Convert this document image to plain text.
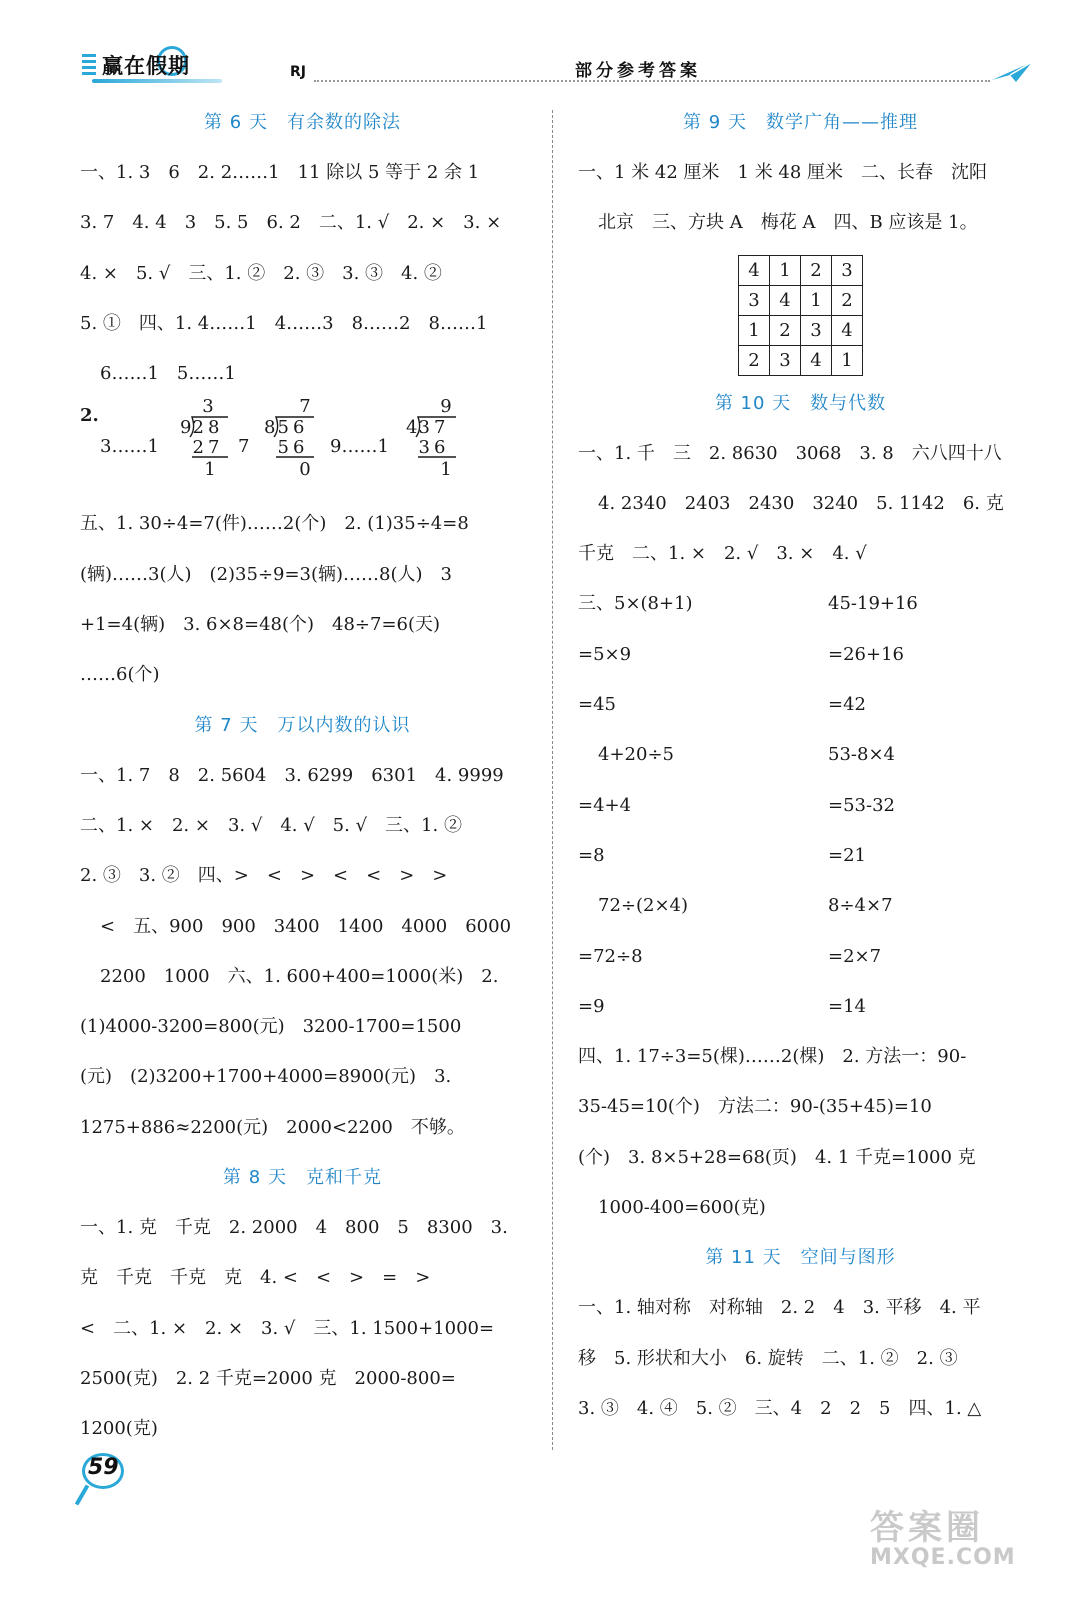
赢在假期	RJ	部分参考答案
第 6 天　有余数的除法
一、1. 3　6　2. 2……1　11 除以 5 等于 2 余 1
3. 7　4. 4　3　5. 5　6. 2　二、1. √　2. ×　3. ×
4. ×　5. √　三、1. ②　2. ③　3. ③　4. ②
5. ①　四、1. 4……1　4……3　8……2　8……1
6……1　5……1
2.
3……1
3
9 28
27
1
7
7
8 56
56
0
9……1
9
4 37
36
1
五、1. 30÷4=7(件)……2(个)　2. (1)35÷4=8
(辆)……3(人)　(2)35÷9=3(辆)……8(人)　3
+1=4(辆)　3. 6×8=48(个)　48÷7=6(天)
……6(个)
第 7 天　万以内数的认识
一、1. 7　8　2. 5604　3. 6299　6301　4. 9999
二、1. ×　2. ×　3. √　4. √　5. √　三、1. ②
2. ③　3. ②　四、>　<　>　<　<　>　>
<　五、900　900　3400　1400　4000　6000
2200　1000　六、1. 600+400=1000(米)　2.
(1)4000-3200=800(元)　3200-1700=1500
(元)　(2)3200+1700+4000=8900(元)　3.
1275+886≈2200(元)　2000<2200　不够。
第 8 天　克和千克
一、1. 克　千克　2. 2000　4　800　5　8300　3.
克　千克　千克　克　4. <　<　>　=　>
<　二、1. ×　2. ×　3. √　三、1. 1500+1000=
2500(克)　2. 2 千克=2000 克　2000-800=
1200(克)
第 9 天　数学广角——推理
一、1 米 42 厘米　1 米 48 厘米　二、长春　沈阳
北京　三、方块 A　梅花 A　四、B 应该是 1。
4	1	2	3
3	4	1	2
1	2	3	4
2	3	4	1
第 10 天　数与代数
一、1. 千　三　2. 8630　3068　3. 8　六八四十八
4. 2340　2403　2430　3240　5. 1142　6. 克
千克　二、1. ×　2. √　3. ×　4. √
三、5×(8+1)	45-19+16
=5×9	=26+16
=45	=42
4+20÷5	53-8×4
=4+4	=53-32
=8	=21
72÷(2×4)	8÷4×7
=72÷8	=2×7
=9	=14
四、1. 17÷3=5(棵)……2(棵)　2. 方法一：90-
35-45=10(个)　方法二：90-(35+45)=10
(个)　3. 8×5+28=68(页)　4. 1 千克=1000 克
1000-400=600(克)
第 11 天　空间与图形
一、1. 轴对称　对称轴　2. 2　4　3. 平移　4. 平
移　5. 形状和大小　6. 旋转　二、1. ②　2. ③
3. ③　4. ④　5. ②　三、4　2　2　5　四、1. △
59
答案圈
MXQE.COM
